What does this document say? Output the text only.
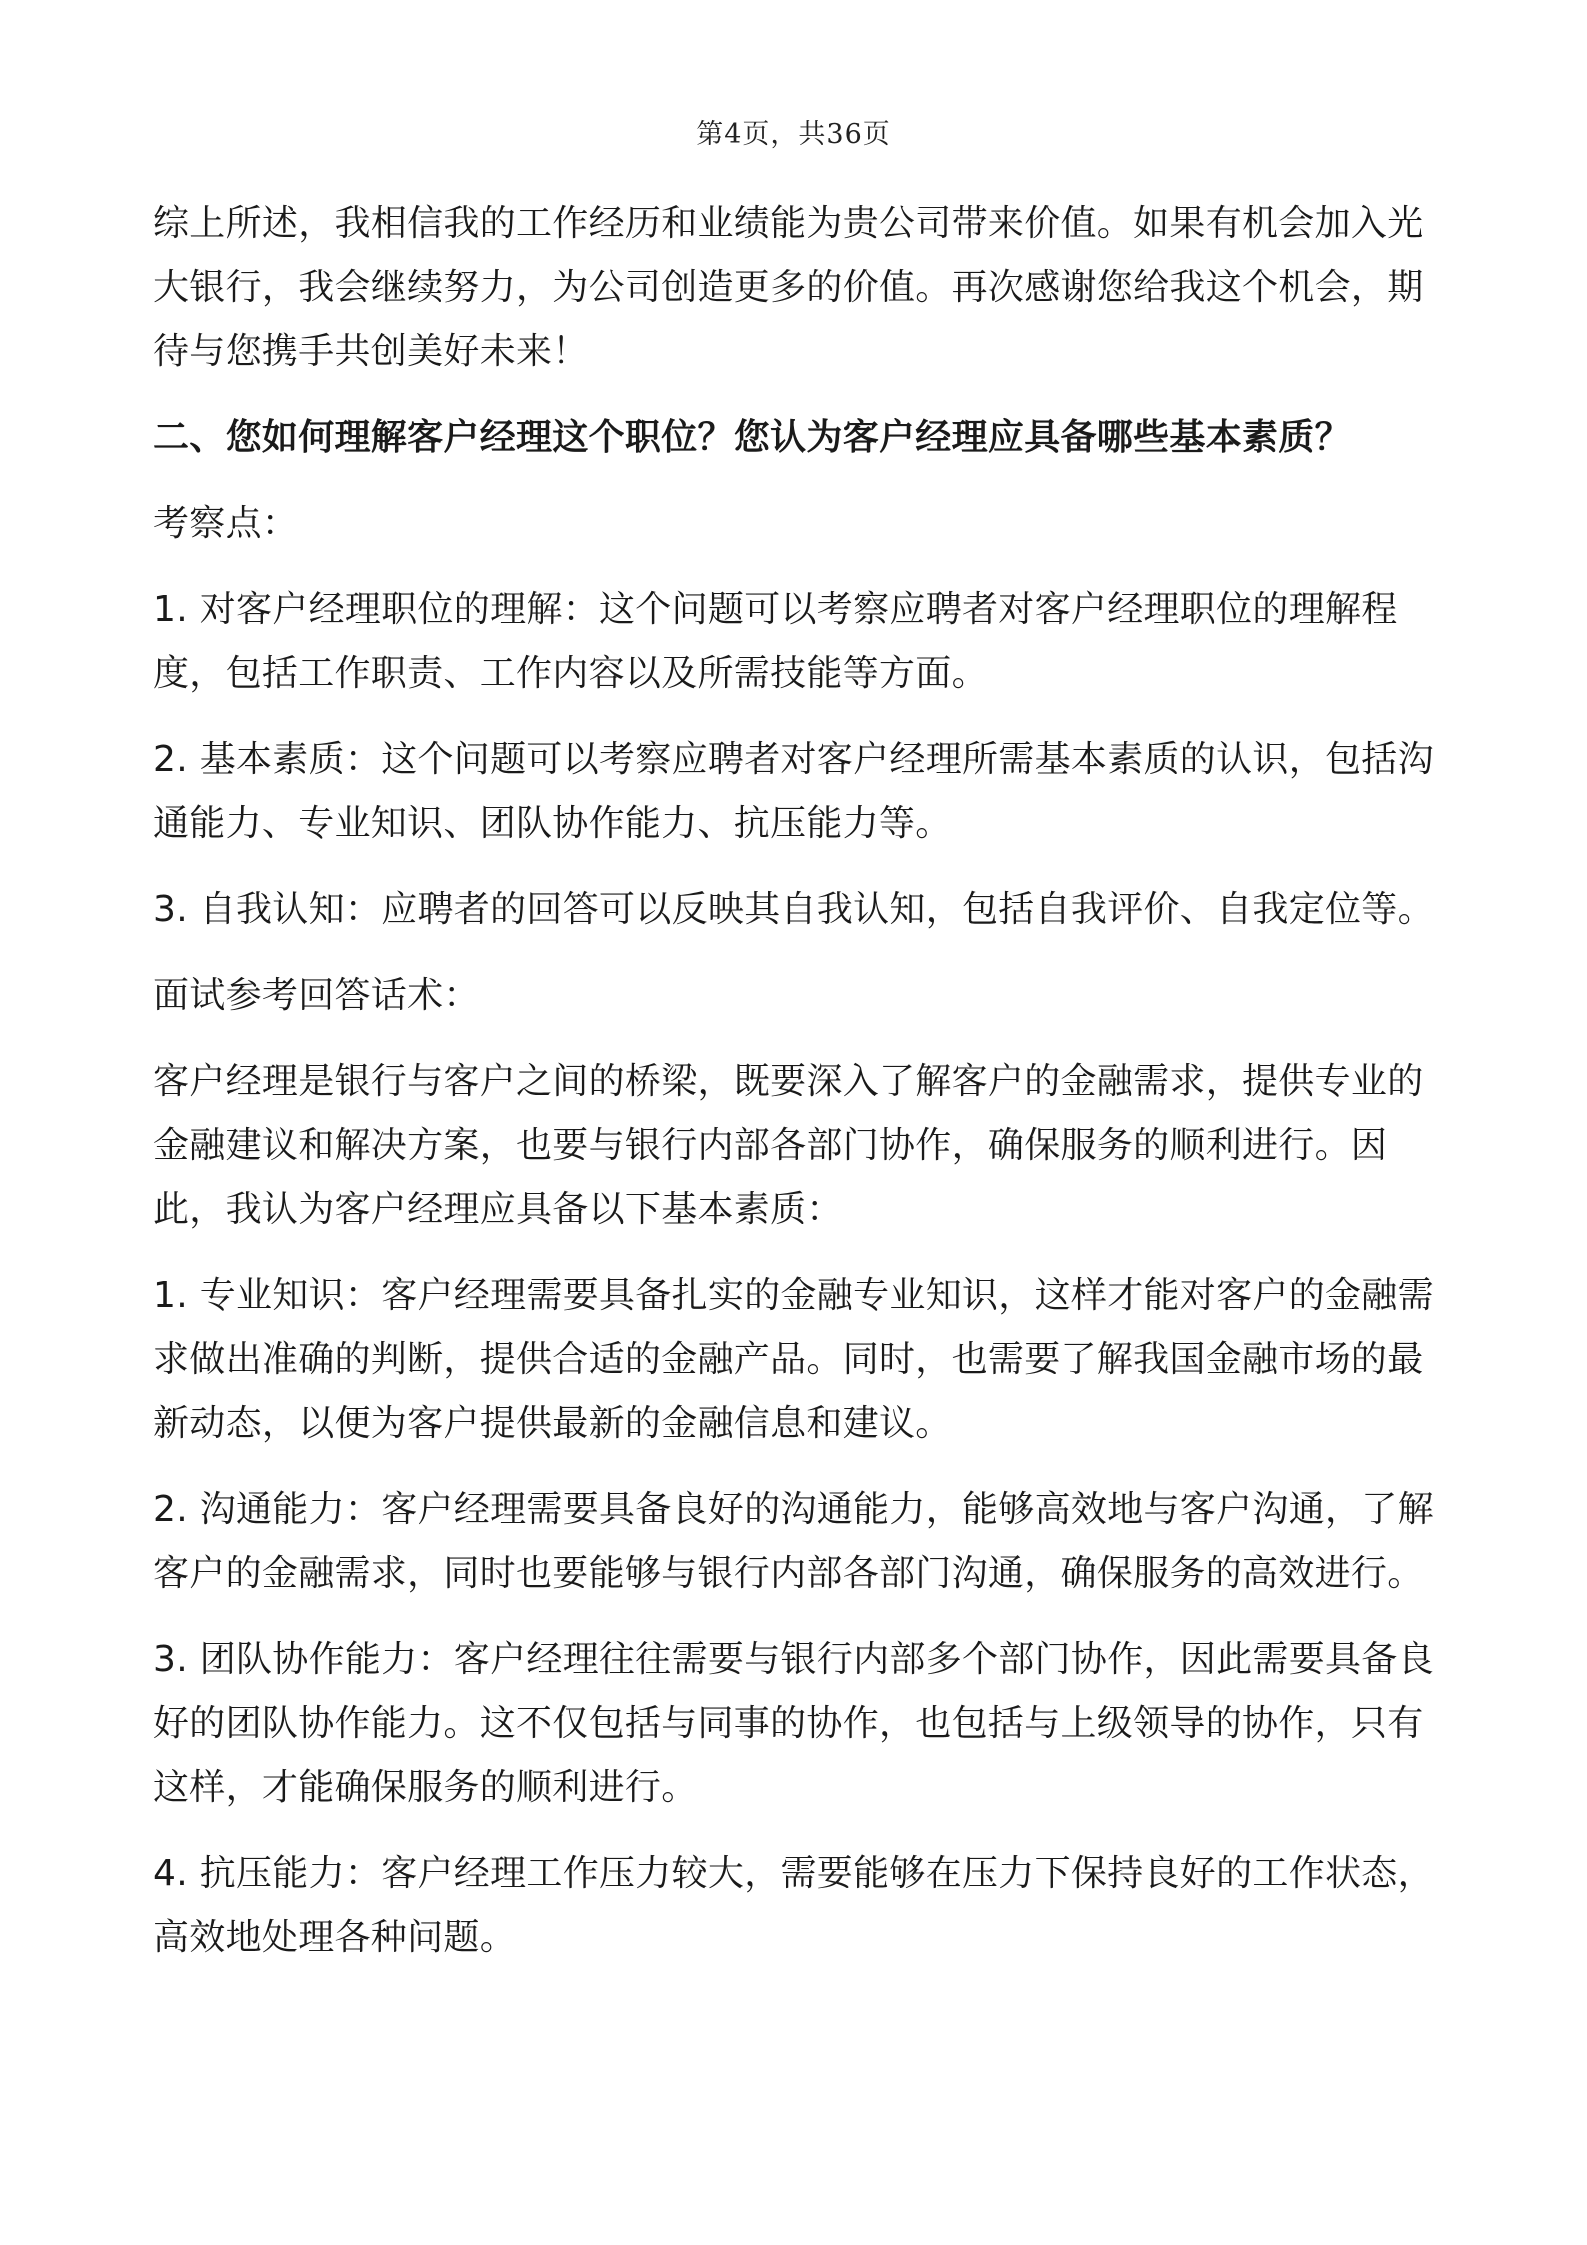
第4页，共36页

综上所述，我相信我的工作经历和业绩能为贵公司带来价值。如果有机会加入光大银行，我会继续努力，为公司创造更多的价值。再次感谢您给我这个机会，期待与您携手共创美好未来！

二、您如何理解客户经理这个职位？您认为客户经理应具备哪些基本素质？

考察点：

1. 对客户经理职位的理解：这个问题可以考察应聘者对客户经理职位的理解程度，包括工作职责、工作内容以及所需技能等方面。

2. 基本素质：这个问题可以考察应聘者对客户经理所需基本素质的认识，包括沟通能力、专业知识、团队协作能力、抗压能力等。

3. 自我认知：应聘者的回答可以反映其自我认知，包括自我评价、自我定位等。

面试参考回答话术：

客户经理是银行与客户之间的桥梁，既要深入了解客户的金融需求，提供专业的金融建议和解决方案，也要与银行内部各部门协作，确保服务的顺利进行。因此，我认为客户经理应具备以下基本素质：

1. 专业知识：客户经理需要具备扎实的金融专业知识，这样才能对客户的金融需求做出准确的判断，提供合适的金融产品。同时，也需要了解我国金融市场的最新动态，以便为客户提供最新的金融信息和建议。

2. 沟通能力：客户经理需要具备良好的沟通能力，能够高效地与客户沟通，了解客户的金融需求，同时也要能够与银行内部各部门沟通，确保服务的高效进行。

3. 团队协作能力：客户经理往往需要与银行内部多个部门协作，因此需要具备良好的团队协作能力。这不仅包括与同事的协作，也包括与上级领导的协作，只有这样，才能确保服务的顺利进行。

4. 抗压能力：客户经理工作压力较大，需要能够在压力下保持良好的工作状态，高效地处理各种问题。
